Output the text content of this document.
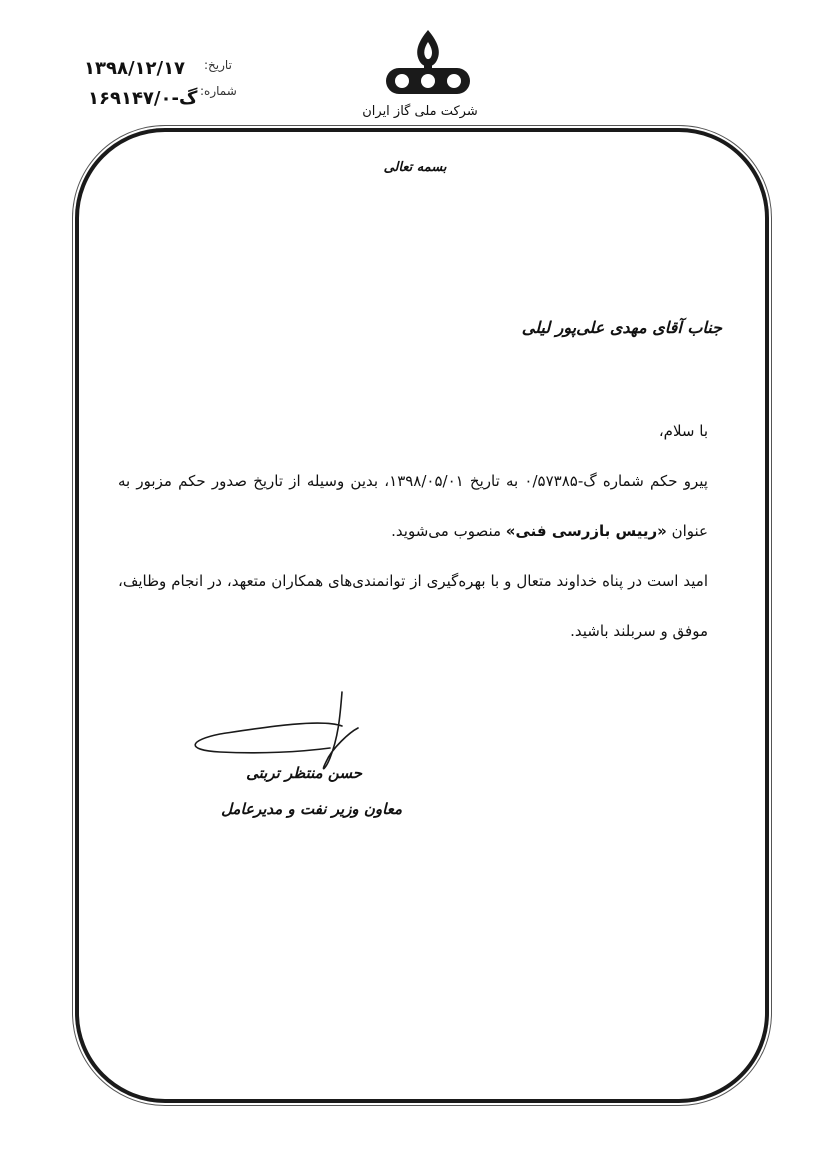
تاریخ:
۱۳۹۸/۱۲/۱۷
شماره:
گ-۱۶۹۱۴۷/۰
شرکت ملی گاز ایران
بسمه تعالی
جناب آقای مهدی علی‌پور لیلی
با سلام،
پیرو حکم شماره گ-۰/۵۷۳۸۵ به تاریخ ۱۳۹۸/۰۵/۰۱، بدین وسیله از تاریخ صدور حکم مزبور به عنوان «رییس بازرسی فنی» منصوب می‌شوید.
امید است در پناه خداوند متعال و با بهره‌گیری از توانمندی‌های همکاران متعهد، در انجام وظایف، موفق و سربلند باشید.
حسن منتظر تربتی
معاون وزیر نفت و مدیرعامل
